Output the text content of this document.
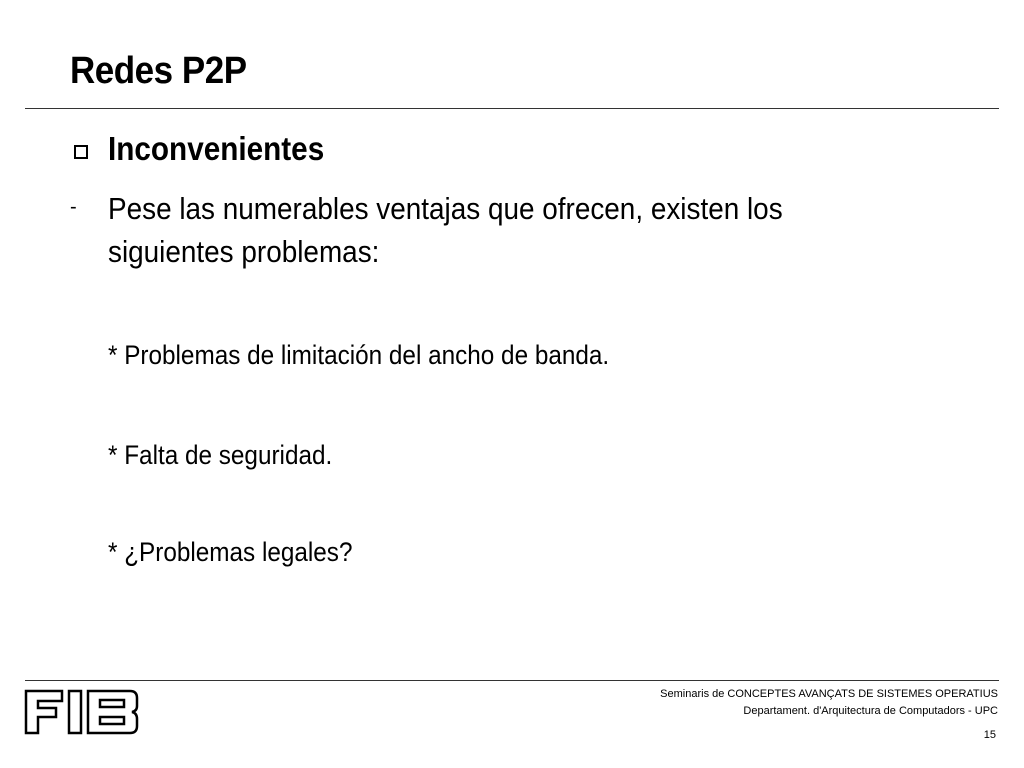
Redes P2P
Inconvenientes
- Pese las numerables ventajas que ofrecen, existen los siguientes problemas:
* Problemas de limitación del ancho de banda.
* Falta de seguridad.
* ¿Problemas legales?
Seminaris de CONCEPTES AVANÇATS DE SISTEMES OPERATIUS
Departament. d'Arquitectura de Computadors - UPC
15
